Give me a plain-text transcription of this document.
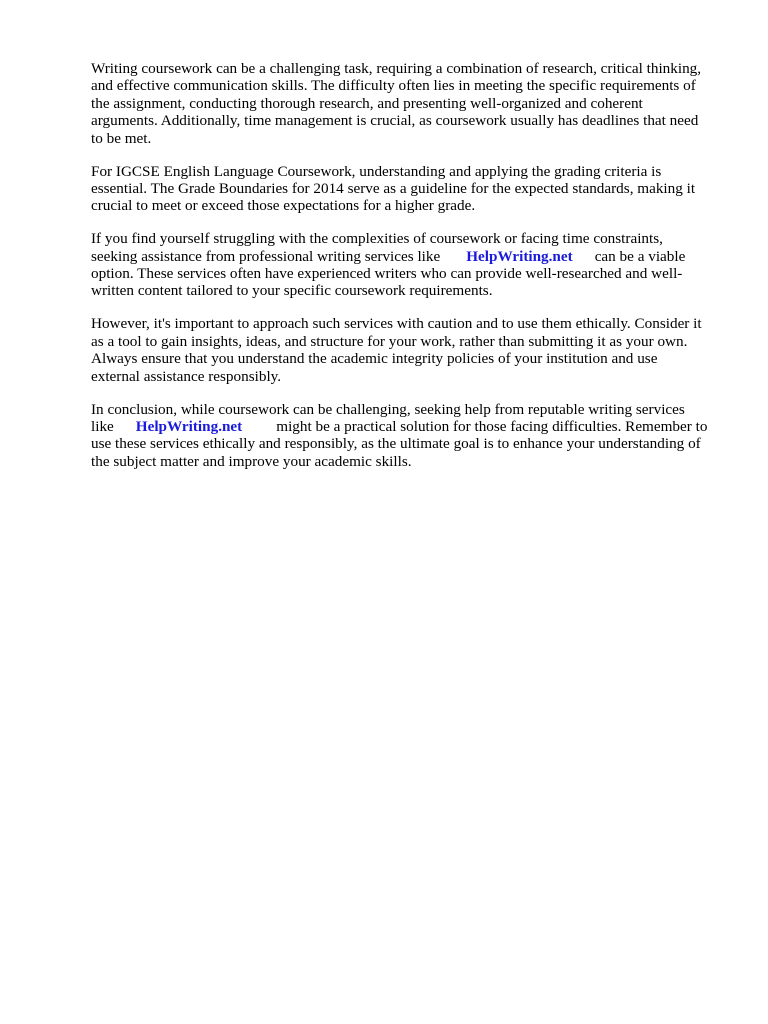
Writing coursework can be a challenging task, requiring a combination of research, critical thinking,
and effective communication skills. The difficulty often lies in meeting the specific requirements of
the assignment, conducting thorough research, and presenting well-organized and coherent
arguments. Additionally, time management is crucial, as coursework usually has deadlines that need
to be met.

For IGCSE English Language Coursework, understanding and applying the grading criteria is
essential. The Grade Boundaries for 2014 serve as a guideline for the expected standards, making it
crucial to meet or exceed those expectations for a higher grade.

If you find yourself struggling with the complexities of coursework or facing time constraints,
seeking assistance from professional writing services like HelpWriting.net can be a viable
option. These services often have experienced writers who can provide well-researched and well-
written content tailored to your specific coursework requirements.

However, it's important to approach such services with caution and to use them ethically. Consider it
as a tool to gain insights, ideas, and structure for your work, rather than submitting it as your own.
Always ensure that you understand the academic integrity policies of your institution and use
external assistance responsibly.

In conclusion, while coursework can be challenging, seeking help from reputable writing services
like HelpWriting.net might be a practical solution for those facing difficulties. Remember to
use these services ethically and responsibly, as the ultimate goal is to enhance your understanding of
the subject matter and improve your academic skills.
